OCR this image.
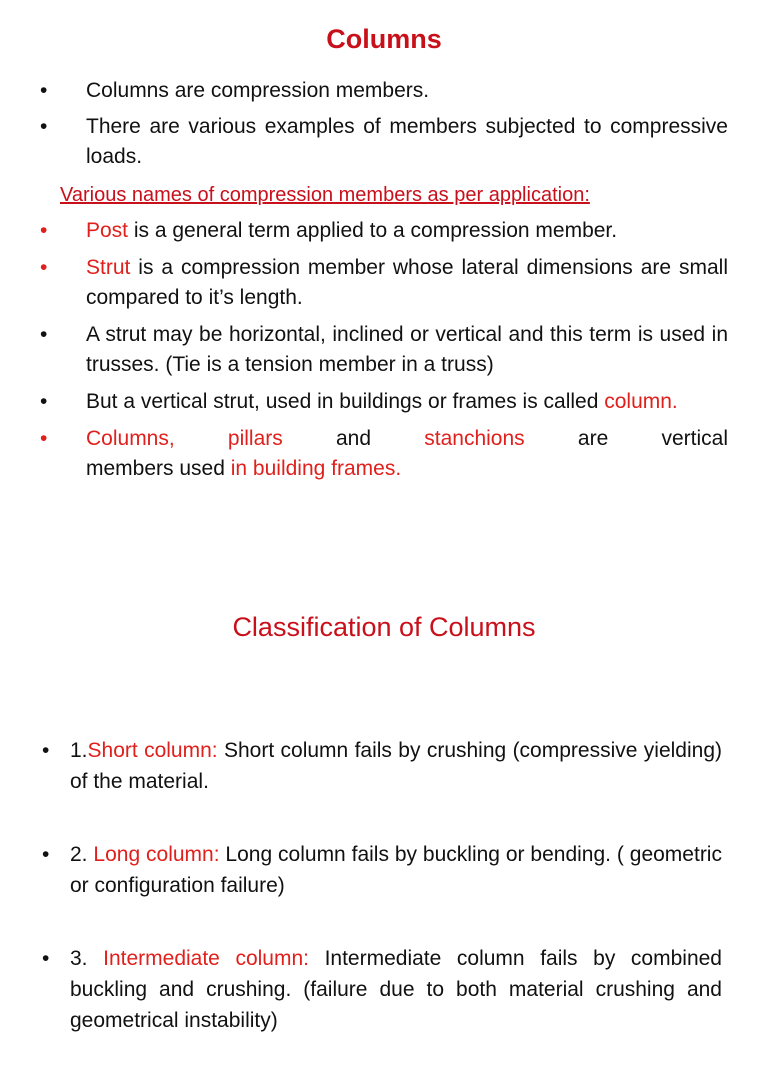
Columns
•	Columns are compression members.
•	There are various examples of members subjected to compressive loads.
Various names of compression members as per application:
•	Post is a general term applied to a compression member.
•	Strut is a compression member whose lateral dimensions are small compared to it’s length.
•	A strut may be horizontal, inclined or vertical and this term is used in trusses. (Tie is a tension member in a truss)
•	But a vertical strut, used in buildings or frames is called column.
•	Columns,	pillars	and	stanchions	are	vertical
members used in building frames.
Classification of Columns
• 1.Short column: Short column fails by crushing (compressive yielding) of the material.
• 2. Long column: Long column fails by buckling or bending. ( geometric or configuration failure)
• 3. Intermediate column: Intermediate column fails by combined buckling and crushing. (failure due to both material crushing and geometrical instability)
